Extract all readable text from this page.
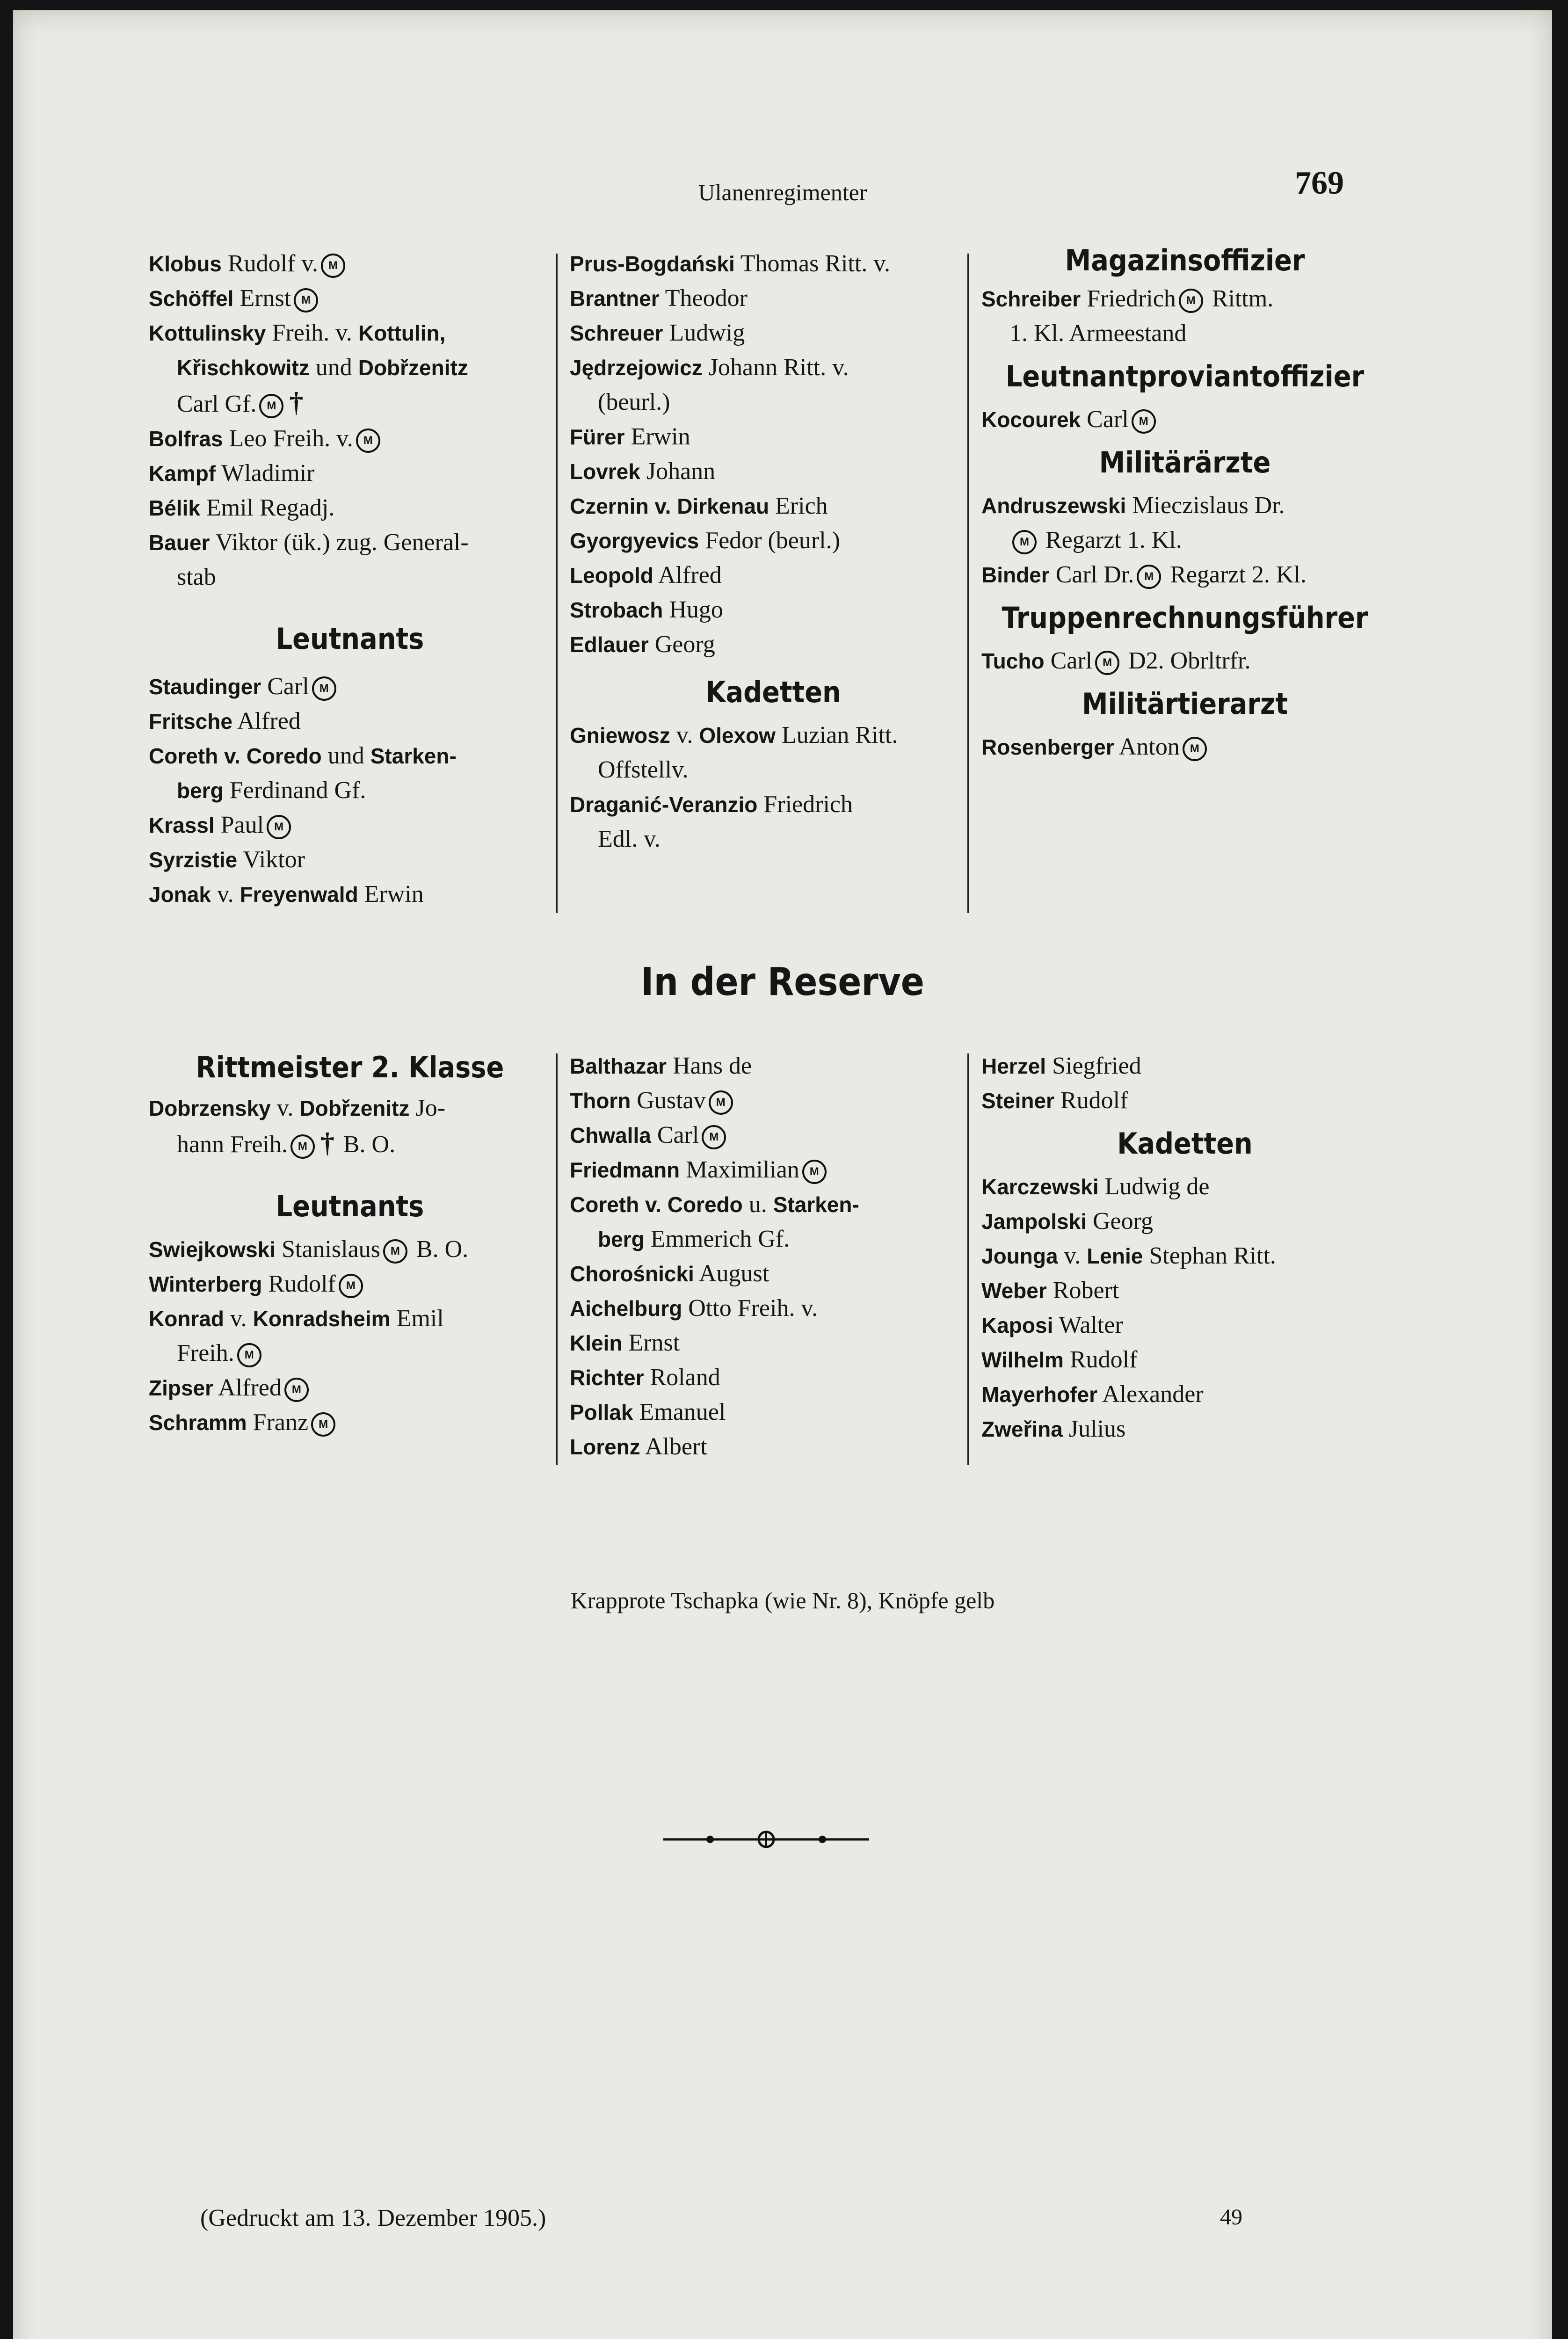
Ulanenregimenter	769
Klobus Rudolf v. M
Schöffel Ernst M
Kottulinsky Freih. v. Kottulin,
Křischkowitz und Dobřzenitz
Carl Gf. M †
Bolfras Leo Freih. v. M
Kampf Wladimir
Bélik Emil Regadj.
Bauer Viktor (ük.) zug. General-
stab
Leutnants
Staudinger Carl M
Fritsche Alfred
Coreth v. Coredo und Starken-
berg Ferdinand Gf.
Krassl Paul M
Syrzistie Viktor
Jonak v. Freyenwald Erwin
Prus-Bogdański Thomas Ritt. v.
Brantner Theodor
Schreuer Ludwig
Jędrzejowicz Johann Ritt. v.
(beurl.)
Fürer Erwin
Lovrek Johann
Czernin v. Dirkenau Erich
Gyorgyevics Fedor (beurl.)
Leopold Alfred
Strobach Hugo
Edlauer Georg
Kadetten
Gniewosz v. Olexow Luzian Ritt.
Offstellv.
Draganić-Veranzio Friedrich
Edl. v.
Magazinsoffizier
Schreiber Friedrich M Rittm.
1. Kl. Armeestand
Leutnantproviantoffizier
Kocourek Carl M
Militärärzte
Andruszewski Mieczislaus Dr.
M Regarzt 1. Kl.
Binder Carl Dr. M Regarzt 2. Kl.
Truppenrechnungsführer
Tucho Carl M D2. Obrltrfr.
Militärtierarzt
Rosenberger Anton M
In der Reserve
Rittmeister 2. Klasse
Dobrzensky v. Dobřzenitz Jo-
hann Freih. M † B. O.
Leutnants
Swiejkowski Stanislaus M B. O.
Winterberg Rudolf M
Konrad v. Konradsheim Emil
Freih. M
Zipser Alfred M
Schramm Franz M
Balthazar Hans de
Thorn Gustav M
Chwalla Carl M
Friedmann Maximilian M
Coreth v. Coredo u. Starken-
berg Emmerich Gf.
Chorośnicki August
Aichelburg Otto Freih. v.
Klein Ernst
Richter Roland
Pollak Emanuel
Lorenz Albert
Herzel Siegfried
Steiner Rudolf
Kadetten
Karczewski Ludwig de
Jampolski Georg
Jounga v. Lenie Stephan Ritt.
Weber Robert
Kaposi Walter
Wilhelm Rudolf
Mayerhofer Alexander
Zweřina Julius
Krapprote Tschapka (wie Nr. 8), Knöpfe gelb
(Gedruckt am 13. Dezember 1905.)	49
